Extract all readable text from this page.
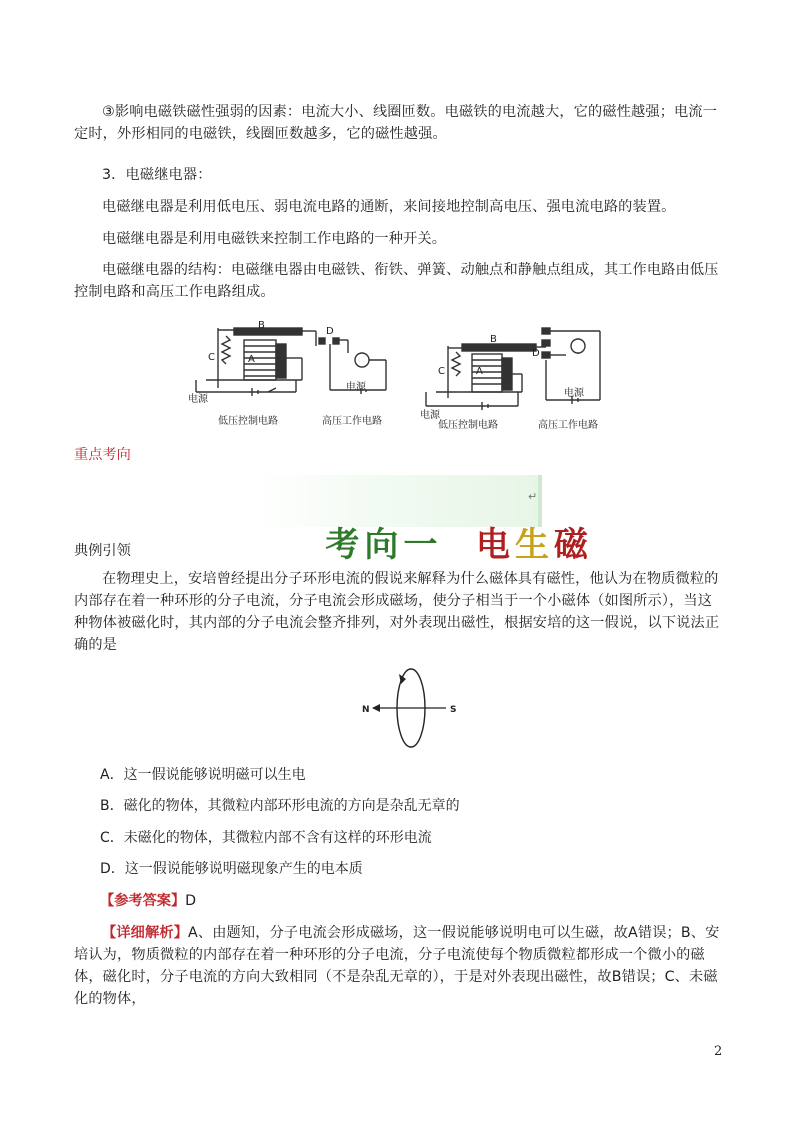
③影响电磁铁磁性强弱的因素：电流大小、线圈匝数。电磁铁的电流越大，它的磁性越强；电流一定时，外形相同的电磁铁，线圈匝数越多，它的磁性越强。
3．电磁继电器：
电磁继电器是利用低电压、弱电流电路的通断，来间接地控制高电压、强电流电路的装置。
电磁继电器是利用电磁铁来控制工作电路的一种开关。
电磁继电器的结构：电磁继电器由电磁铁、衔铁、弹簧、动触点和静触点组成，其工作电路由低压控制电路和高压工作电路组成。
B
D
C	A
电源
电源
低压控制电路	高压工作电路
B
D
C	A
电源
电源
低压控制电路	高压工作电路
重点考向

考向一 电生磁

↵
典例引领
在物理史上，安培曾经提出分子环形电流的假说来解释为什么磁体具有磁性，他认为在物质微粒的内部存在着一种环形的分子电流，分子电流会形成磁场，使分子相当于一个小磁体（如图所示），当这种物体被磁化时，其内部的分子电流会整齐排列，对外表现出磁性，根据安培的这一假说，以下说法正确的是
N	S
A．这一假说能够说明磁可以生电
B．磁化的物体，其微粒内部环形电流的方向是杂乱无章的
C．未磁化的物体，其微粒内部不含有这样的环形电流
D．这一假说能够说明磁现象产生的电本质
【参考答案】D
【详细解析】A、由题知，分子电流会形成磁场，这一假说能够说明电可以生磁，故A错误；B、安培认为，物质微粒的内部存在着一种环形的分子电流，分子电流使每个物质微粒都形成一个微小的磁体，磁化时，分子电流的方向大致相同（不是杂乱无章的），于是对外表现出磁性，故B错误；C、未磁化的物体，
2
